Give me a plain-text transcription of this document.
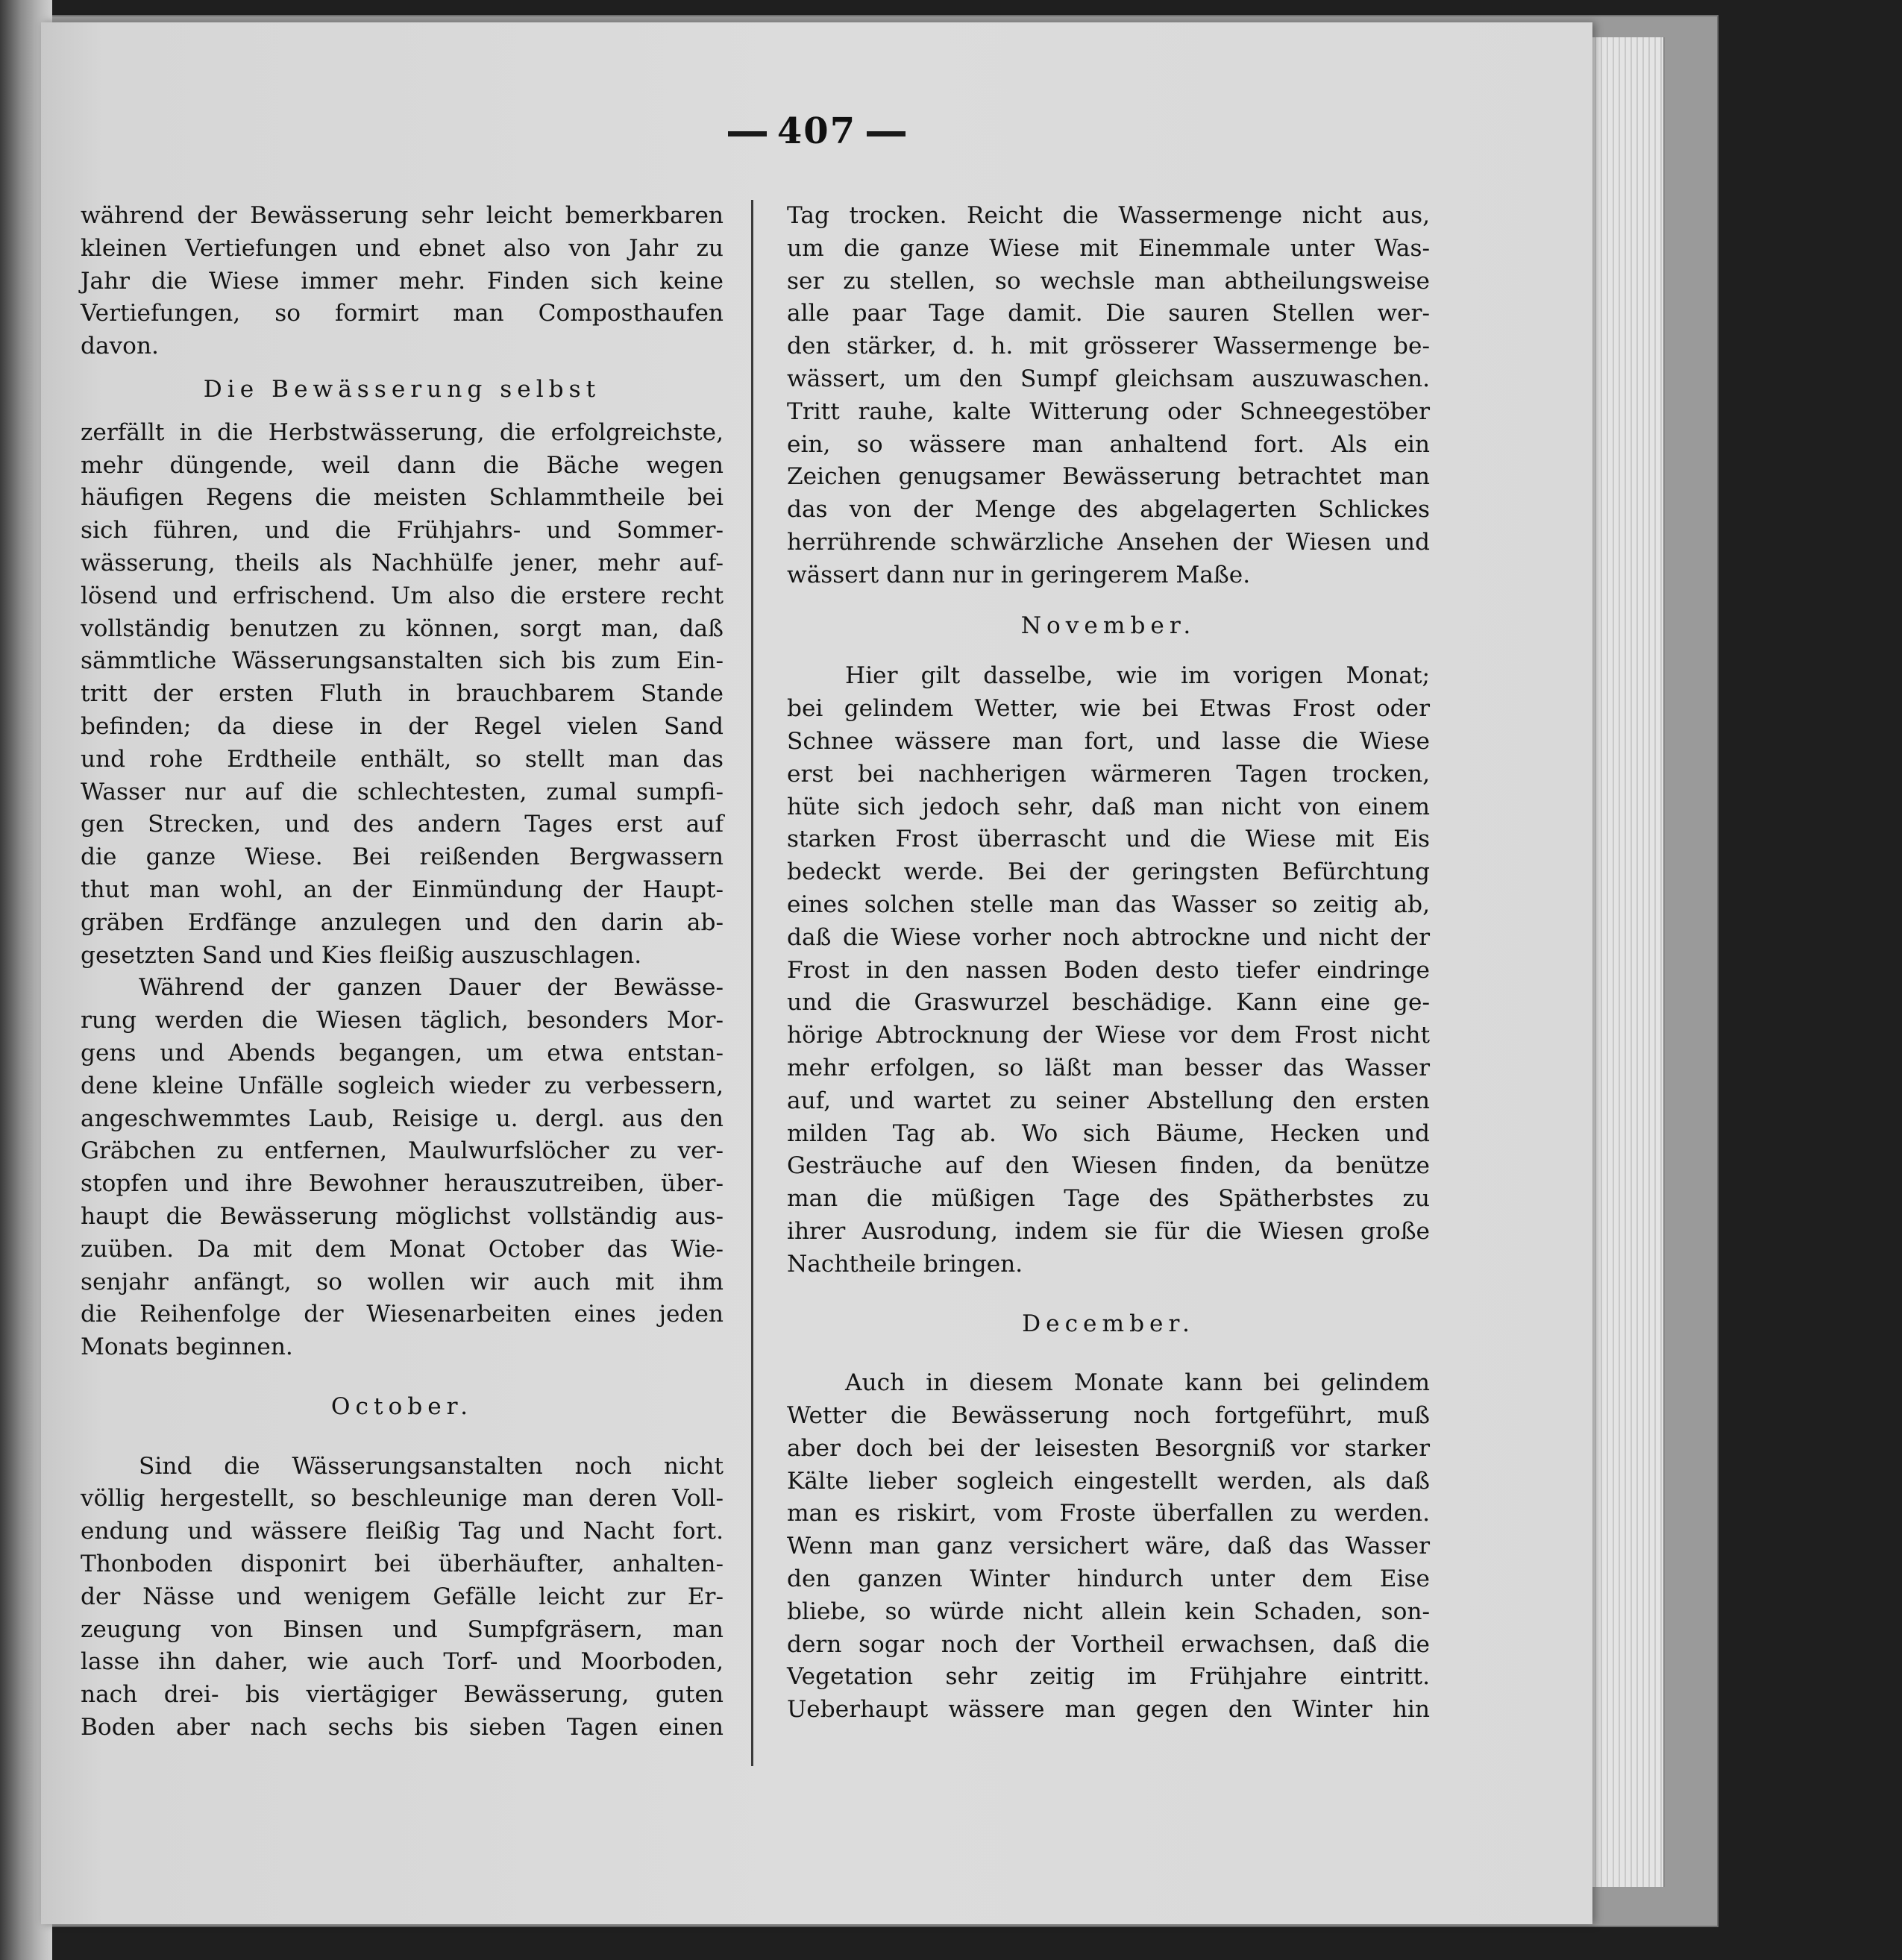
407

während der Bewässerung sehr leicht bemerkbaren

kleinen Vertiefungen und ebnet also von Jahr zu

Jahr die Wiese immer mehr. Finden sich keine

Vertiefungen, so formirt man Composthaufen

davon.

Die Bewässerung selbst

zerfällt in die Herbstwässerung, die erfolgreichste,

mehr düngende, weil dann die Bäche wegen

häufigen Regens die meisten Schlammtheile bei

sich führen, und die Frühjahrs- und Sommer-

wässerung, theils als Nachhülfe jener, mehr auf-

lösend und erfrischend. Um also die erstere recht

vollständig benutzen zu können, sorgt man, daß

sämmtliche Wässerungsanstalten sich bis zum Ein-

tritt der ersten Fluth in brauchbarem Stande

befinden; da diese in der Regel vielen Sand

und rohe Erdtheile enthält, so stellt man das

Wasser nur auf die schlechtesten, zumal sumpfi-

gen Strecken, und des andern Tages erst auf

die ganze Wiese. Bei reißenden Bergwassern

thut man wohl, an der Einmündung der Haupt-

gräben Erdfänge anzulegen und den darin ab-

gesetzten Sand und Kies fleißig auszuschlagen.

Während der ganzen Dauer der Bewässe-

rung werden die Wiesen täglich, besonders Mor-

gens und Abends begangen, um etwa entstan-

dene kleine Unfälle sogleich wieder zu verbessern,

angeschwemmtes Laub, Reisige u. dergl. aus den

Gräbchen zu entfernen, Maulwurfslöcher zu ver-

stopfen und ihre Bewohner herauszutreiben, über-

haupt die Bewässerung möglichst vollständig aus-

zuüben. Da mit dem Monat October das Wie-

senjahr anfängt, so wollen wir auch mit ihm

die Reihenfolge der Wiesenarbeiten eines jeden

Monats beginnen.

October.

Sind die Wässerungsanstalten noch nicht

völlig hergestellt, so beschleunige man deren Voll-

endung und wässere fleißig Tag und Nacht fort.

Thonboden disponirt bei überhäufter, anhalten-

der Nässe und wenigem Gefälle leicht zur Er-

zeugung von Binsen und Sumpfgräsern, man

lasse ihn daher, wie auch Torf- und Moorboden,

nach drei- bis viertägiger Bewässerung, guten

Boden aber nach sechs bis sieben Tagen einen

Tag trocken. Reicht die Wassermenge nicht aus,

um die ganze Wiese mit Einemmale unter Was-

ser zu stellen, so wechsle man abtheilungsweise

alle paar Tage damit. Die sauren Stellen wer-

den stärker, d. h. mit grösserer Wassermenge be-

wässert, um den Sumpf gleichsam auszuwaschen.

Tritt rauhe, kalte Witterung oder Schneegestöber

ein, so wässere man anhaltend fort. Als ein

Zeichen genugsamer Bewässerung betrachtet man

das von der Menge des abgelagerten Schlickes

herrührende schwärzliche Ansehen der Wiesen und

wässert dann nur in geringerem Maße.

November.

Hier gilt dasselbe, wie im vorigen Monat;

bei gelindem Wetter, wie bei Etwas Frost oder

Schnee wässere man fort, und lasse die Wiese

erst bei nachherigen wärmeren Tagen trocken,

hüte sich jedoch sehr, daß man nicht von einem

starken Frost überrascht und die Wiese mit Eis

bedeckt werde. Bei der geringsten Befürchtung

eines solchen stelle man das Wasser so zeitig ab,

daß die Wiese vorher noch abtrockne und nicht der

Frost in den nassen Boden desto tiefer eindringe

und die Graswurzel beschädige. Kann eine ge-

hörige Abtrocknung der Wiese vor dem Frost nicht

mehr erfolgen, so läßt man besser das Wasser

auf, und wartet zu seiner Abstellung den ersten

milden Tag ab. Wo sich Bäume, Hecken und

Gesträuche auf den Wiesen finden, da benütze

man die müßigen Tage des Spätherbstes zu

ihrer Ausrodung, indem sie für die Wiesen große

Nachtheile bringen.

December.

Auch in diesem Monate kann bei gelindem

Wetter die Bewässerung noch fortgeführt, muß

aber doch bei der leisesten Besorgniß vor starker

Kälte lieber sogleich eingestellt werden, als daß

man es riskirt, vom Froste überfallen zu werden.

Wenn man ganz versichert wäre, daß das Wasser

den ganzen Winter hindurch unter dem Eise

bliebe, so würde nicht allein kein Schaden, son-

dern sogar noch der Vortheil erwachsen, daß die

Vegetation sehr zeitig im Frühjahre eintritt.

Ueberhaupt wässere man gegen den Winter hin
